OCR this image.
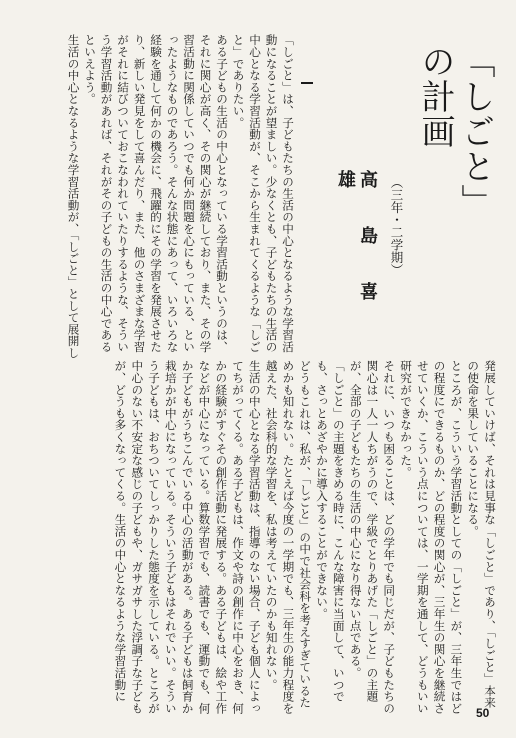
「しごと」の計画
（三年・二学期）
高　島　喜　雄

「しごと」は、子どもたちの生活の中心となるような学習活動になることが望ましい。少なくとも、子どもたちの生活の中心となる学習活動が、そこから生まれてくるような「しごと」でありたい。

ある子どもの生活の中心となっている学習活動というのは、それに関心が高く、その関心が継続しており、また、その学習活動に関係していつでも何か問題を心にもっている、といったようなものであろう。そんな状態にあって、いろいろな経験を通して何かの機会に、飛躍的にその学習を発展させたり、新しい発見をして喜んだり、また、他のさまざまな学習がそれに結びついておこなわれていたりするような、そういう学習活動があれば、それがその子どもの生活の中心であるといえよう。

生活の中心となるような学習活動が、「しごと」として展開し

発展していけば、それは見事な「しごと」であり、「しごと」本来の使命を果していることになる。

ところが、こういう学習活動としての「しごと」が、三年生ではどの程度にできるものか、どの程度の関心が、三年生の関心を継続させていくか、こういう点については、一学期を通して、どうもいい研究ができなかった。

それに、いつも困ることは、どの学年でも同じだが、子どもたちの関心は一人一人ちがうので、学級でとりあげた「しごと」の主題が、全部の子どもたちの生活の中心になり得ない点である。

「しごと」の主題をきめる時に、こんな障害に当面して、いつでも、さっとあざやかに導入することができない。

どうもこれは、私が、「しごと」の中で社会科を考えすぎているためかも知れない。たとえば今度の一学期でも、三年生の能力程度を越えた、社会科的な学習を、私は考えていたのかも知れない。

生活の中心となる学習活動は、指導のない場合、子ども個人によってちがってくる。ある子どもは、作文や詩の創作に中心をおき、何かの経験がすぐその創作活動に発展する。ある子どもは、絵や工作などが中心になっている。算数学習でも、読書でも、運動でも、何か子どもがうちこんでいる中心の活動がある。ある子どもは飼育か栽培かが中心になっている。そういう子どもはそれでいい。そういう子どもは、おちついてしっかりした態度を示している。ところが中心のない不安定な感じの子どもや、ガサガサした浮調子な子どもが、どうも多くなってくる。生活の中心となるような学習活動に

50
